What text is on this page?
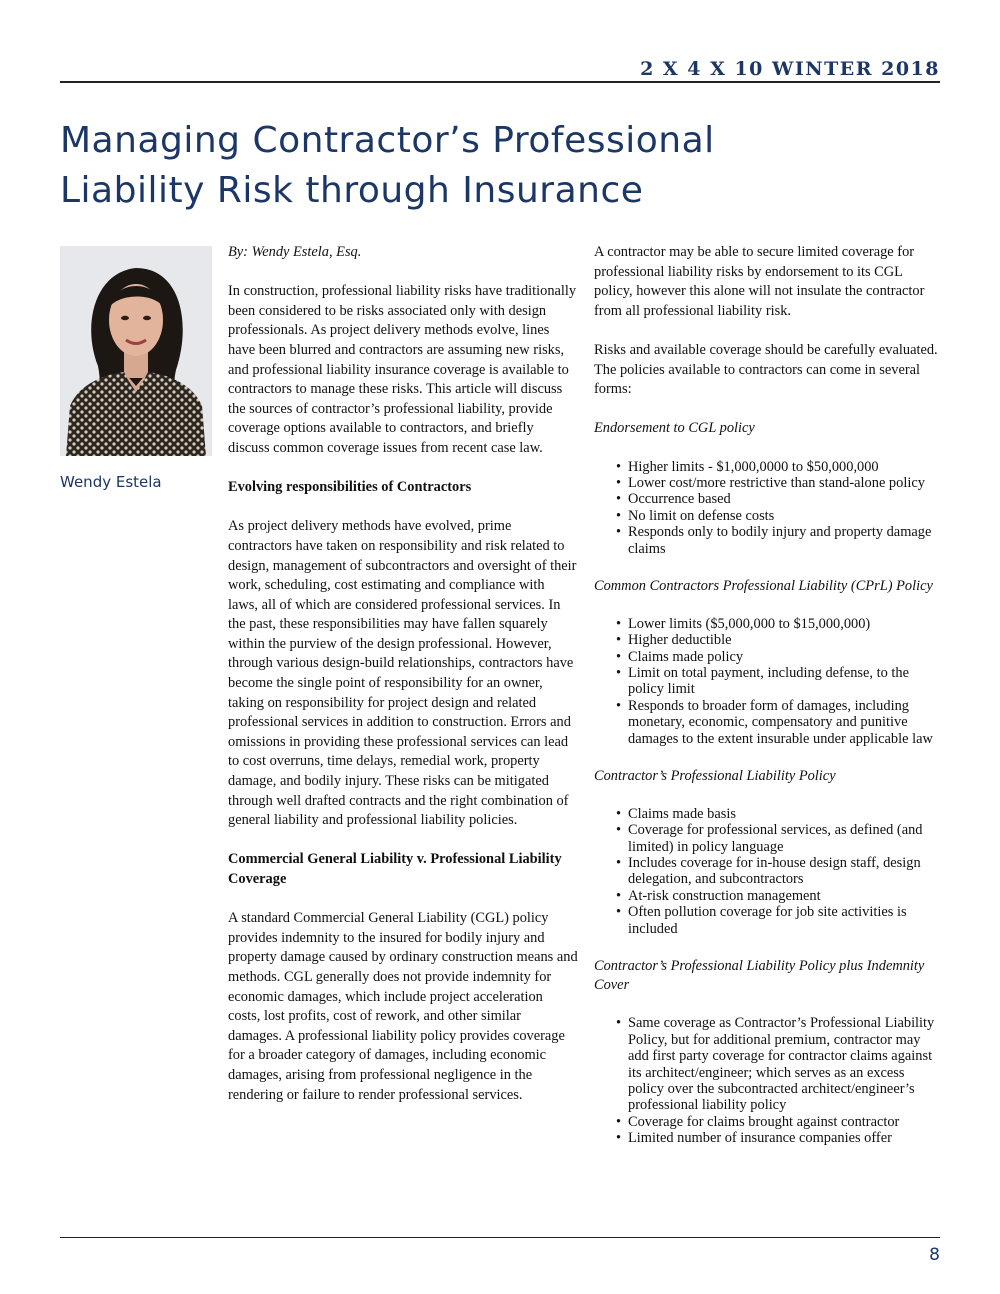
2 X 4 X 10 WINTER 2018
Managing Contractor’s Professional
Liability Risk through Insurance
Wendy Estela

By: Wendy Estela, Esq.

In construction, professional liability risks have traditionally been considered to be risks associated only with design professionals. As project delivery methods evolve, lines have been blurred and contractors are assuming new risks, and professional liability insurance coverage is available to contractors to manage these risks. This article will discuss the sources of contractor’s professional liability, provide coverage options available to contractors, and briefly discuss common coverage issues from recent case law.

Evolving responsibilities of Contractors

As project delivery methods have evolved, prime contractors have taken on responsibility and risk related to design, management of subcontractors and oversight of their work, scheduling, cost estimating and compliance with laws, all of which are considered professional services. In the past, these responsibilities may have fallen squarely within the purview of the design professional. However, through various design-build relationships, contractors have become the single point of responsibility for an owner, taking on responsibility for project design and related professional services in addition to construction. Errors and omissions in providing these professional services can lead to cost overruns, time delays, remedial work, property damage, and bodily injury. These risks can be mitigated through well drafted contracts and the right combination of general liability and professional liability policies.

Commercial General Liability v. Professional Liability Coverage

A standard Commercial General Liability (CGL) policy provides indemnity to the insured for bodily injury and property damage caused by ordinary construction means and methods. CGL generally does not provide indemnity for economic damages, which include project acceleration costs, lost profits, cost of rework, and other similar damages. A professional liability policy provides coverage for a broader category of damages, including economic damages, arising from professional negligence in the rendering or failure to render professional services.

A contractor may be able to secure limited coverage for professional liability risks by endorsement to its CGL policy, however this alone will not insulate the contractor from all professional liability risk.

Risks and available coverage should be carefully evaluated. The policies available to contractors can come in several forms:

Endorsement to CGL policy

• Higher limits - $1,000,0000 to $50,000,000
• Lower cost/more restrictive than stand-alone policy
• Occurrence based
• No limit on defense costs
• Responds only to bodily injury and property damage claims

Common Contractors Professional Liability (CPrL) Policy

• Lower limits ($5,000,000 to $15,000,000)
• Higher deductible
• Claims made policy
• Limit on total payment, including defense, to the policy limit
• Responds to broader form of damages, including monetary, economic, compensatory and punitive damages to the extent insurable under applicable law

Contractor’s Professional Liability Policy

• Claims made basis
• Coverage for professional services, as defined (and limited) in policy language
• Includes coverage for in-house design staff, design delegation, and subcontractors
• At-risk construction management
• Often pollution coverage for job site activities is included

Contractor’s Professional Liability Policy plus Indemnity Cover

• Same coverage as Contractor’s Professional Liability Policy, but for additional premium, contractor may add first party coverage for contractor claims against its architect/engineer; which serves as an excess policy over the subcontracted architect/engineer’s professional liability policy
• Coverage for claims brought against contractor
• Limited number of insurance companies offer
8
